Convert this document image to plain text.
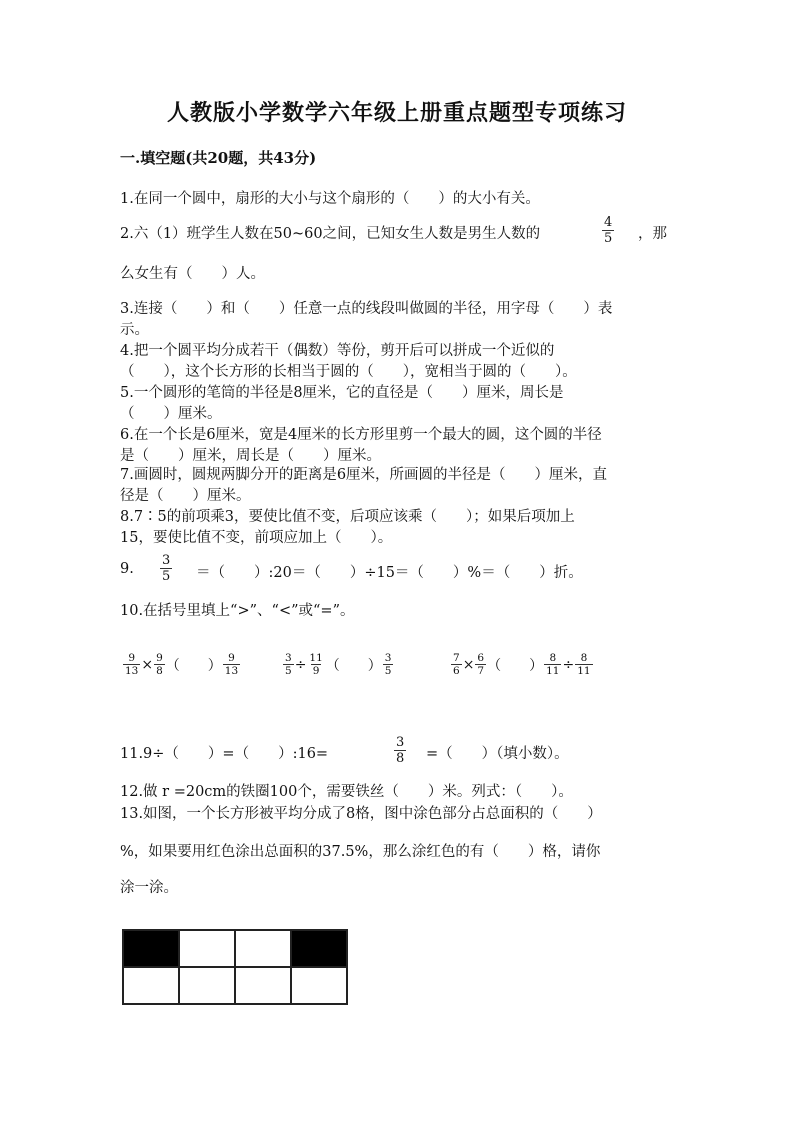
人教版小学数学六年级上册重点题型专项练习
一.填空题(共20题，共43分)
1.在同一个圆中，扇形的大小与这个扇形的（　　）的大小有关。
2.六（1）班学生人数在50~60之间，已知女生人数是男生人数的	$\frac{4}{5}$ ，那
么女生有（　　）人。
3.连接（　　）和（　　）任意一点的线段叫做圆的半径，用字母（　　）表
示。
4.把一个圆平均分成若干（偶数）等份，剪开后可以拼成一个近似的
（　　），这个长方形的长相当于圆的（　　），宽相当于圆的（　　）。
5.一个圆形的笔筒的半径是8厘米，它的直径是（　　）厘米，周长是
（　　）厘米。
6.在一个长是6厘米，宽是4厘米的长方形里剪一个最大的圆，这个圆的半径
是（　　）厘米，周长是（　　）厘米。
7.画圆时，圆规两脚分开的距离是6厘米，所画圆的半径是（　　）厘米，直
径是（　　）厘米。
8.7∶5的前项乘3，要使比值不变，后项应该乘（　　）；如果后项加上
15，要使比值不变，前项应加上（　　）。
9. $\frac{3}{5}$ ＝（　　）:20＝（　　）÷15＝（　　）%＝（　　）折。
10.在括号里填上“>”、“<”或“=”。
$\frac{9}{13} \times \frac{9}{8}$ （　　） $\frac{9}{13}$	$\frac{3}{5} \div \frac{11}{9}$ （　　） $\frac{3}{5}$	$\frac{7}{6} \times \frac{6}{7}$ （　　） $\frac{8}{11} \div \frac{8}{11}$
11.9÷（　　）=（　　）:16=	$\frac{3}{8}$ =（　　）（填小数）。
12.做 r =20cm的铁圈100个，需要铁丝（　　）米。列式：（　　）。
13.如图，一个长方形被平均分成了8格，图中涂色部分占总面积的（　　）
%，如果要用红色涂出总面积的37.5%，那么涂红色的有（　　）格，请你
涂一涂。
